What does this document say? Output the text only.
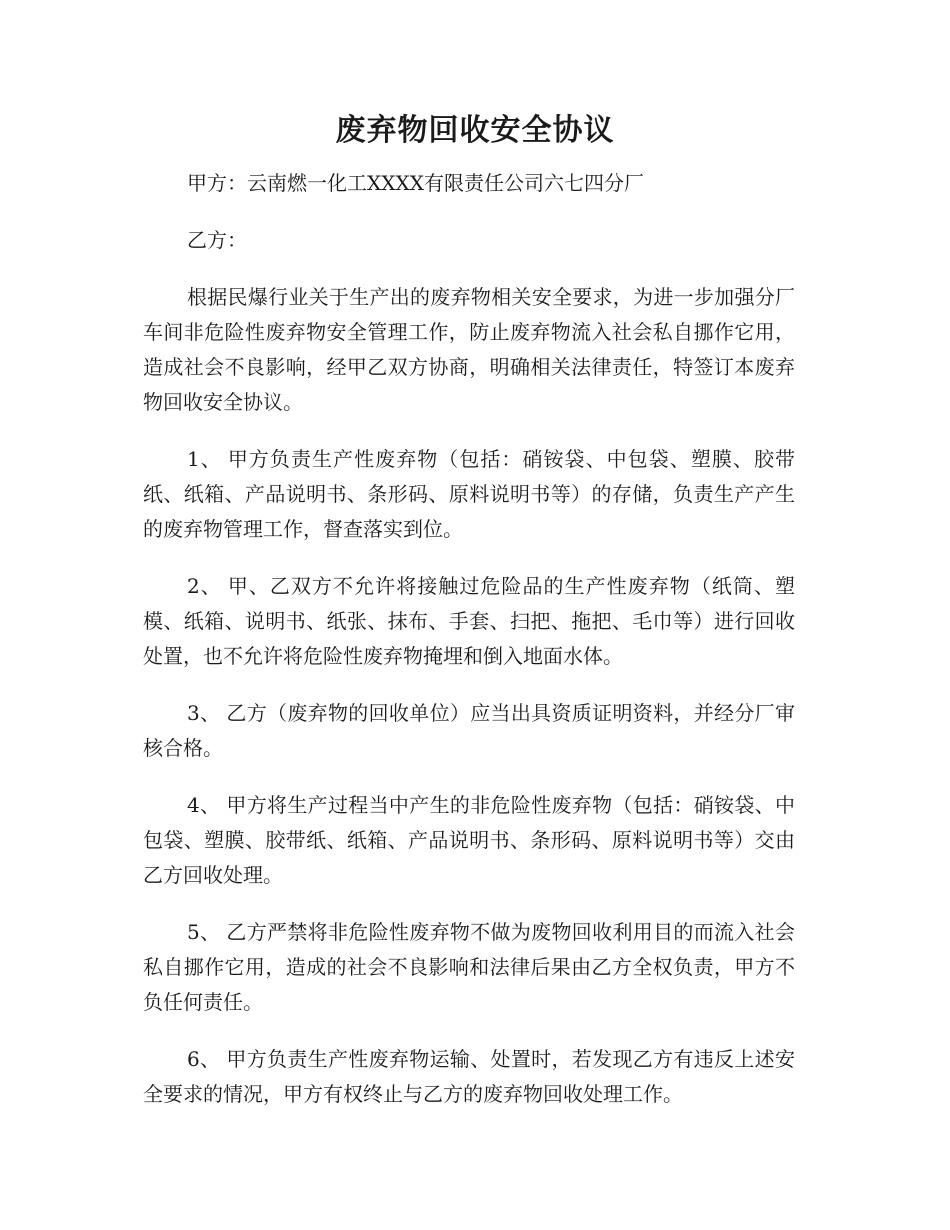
废弃物回收安全协议

甲方：云南燃一化工XXXX有限责任公司六七四分厂

乙方：

根据民爆行业关于生产出的废弃物相关安全要求，为进一步加强分厂车间非危险性废弃物安全管理工作，防止废弃物流入社会私自挪作它用，造成社会不良影响，经甲乙双方协商，明确相关法律责任，特签订本废弃物回收安全协议。

1、 甲方负责生产性废弃物（包括：硝铵袋、中包袋、塑膜、胶带纸、纸箱、产品说明书、条形码、原料说明书等）的存储，负责生产产生的废弃物管理工作，督查落实到位。

2、 甲、乙双方不允许将接触过危险品的生产性废弃物（纸筒、塑模、纸箱、说明书、纸张、抹布、手套、扫把、拖把、毛巾等）进行回收处置，也不允许将危险性废弃物掩埋和倒入地面水体。

3、 乙方（废弃物的回收单位）应当出具资质证明资料，并经分厂审核合格。

4、 甲方将生产过程当中产生的非危险性废弃物（包括：硝铵袋、中包袋、塑膜、胶带纸、纸箱、产品说明书、条形码、原料说明书等）交由乙方回收处理。

5、 乙方严禁将非危险性废弃物不做为废物回收利用目的而流入社会私自挪作它用，造成的社会不良影响和法律后果由乙方全权负责，甲方不负任何责任。

6、 甲方负责生产性废弃物运输、处置时，若发现乙方有违反上述安全要求的情况，甲方有权终止与乙方的废弃物回收处理工作。
